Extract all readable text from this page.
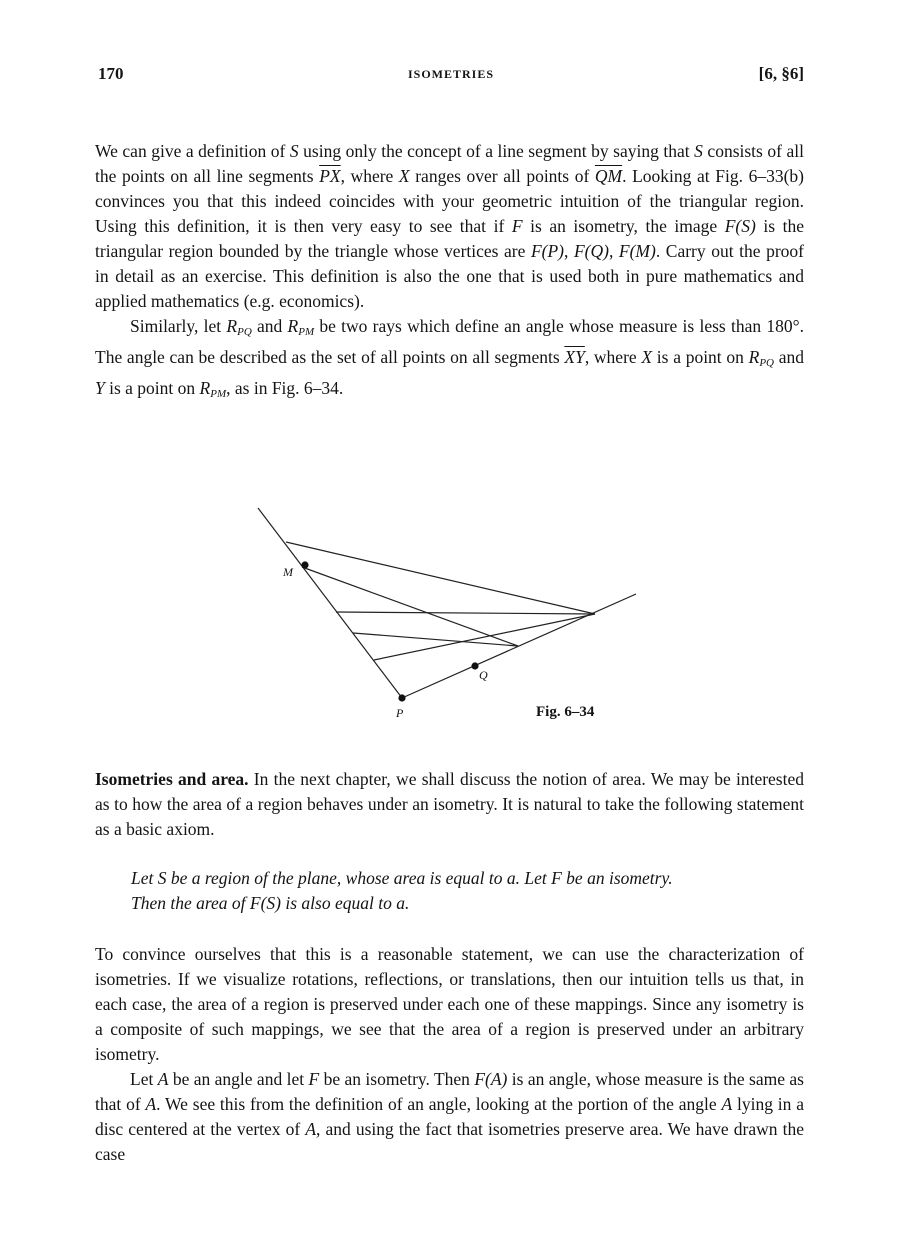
170	ISOMETRIES	[6, §6]

We can give a definition of S using only the concept of a line segment by saying that S consists of all the points on all line segments $\overline{PX}$, where X ranges over all points of $\overline{QM}$. Looking at Fig. 6–33(b) convinces you that this indeed coincides with your geometric intuition of the triangular region. Using this definition, it is then very easy to see that if F is an isometry, the image F(S) is the triangular region bounded by the triangle whose vertices are F(P), F(Q), F(M). Carry out the proof in detail as an exercise. This definition is also the one that is used both in pure mathematics and applied mathematics (e.g. economics).

Similarly, let $R_{PQ}$ and $R_{PM}$ be two rays which define an angle whose measure is less than 180°. The angle can be described as the set of all points on all segments $\overline{XY}$, where X is a point on $R_{PQ}$ and Y is a point on $R_{PM}$, as in Fig. 6–34.

M
Q
P	Fig. 6–34

Isometries and area. In the next chapter, we shall discuss the notion of area. We may be interested as to how the area of a region behaves under an isometry. It is natural to take the following statement as a basic axiom.

Let S be a region of the plane, whose area is equal to a. Let F be an isometry.

Then the area of F(S) is also equal to a.

To convince ourselves that this is a reasonable statement, we can use the characterization of isometries. If we visualize rotations, reflections, or translations, then our intuition tells us that, in each case, the area of a region is preserved under each one of these mappings. Since any isometry is a composite of such mappings, we see that the area of a region is preserved under an arbitrary isometry.

Let A be an angle and let F be an isometry. Then F(A) is an angle, whose measure is the same as that of A. We see this from the definition of an angle, looking at the portion of the angle A lying in a disc centered at the vertex of A, and using the fact that isometries preserve area. We have drawn the case
